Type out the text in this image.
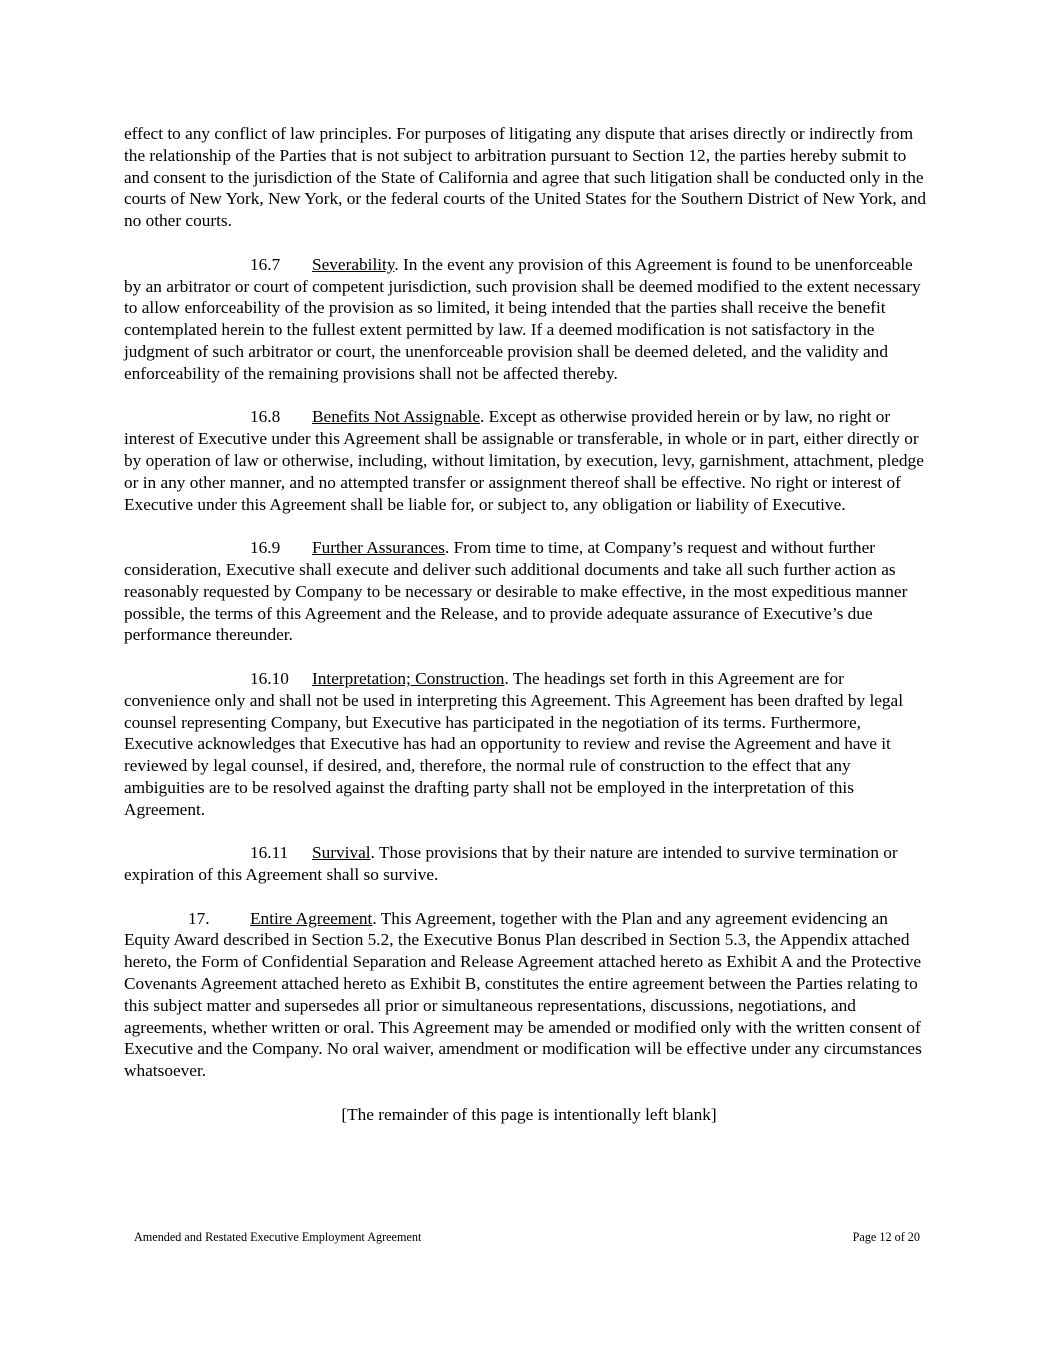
effect to any conflict of law principles. For purposes of litigating any dispute that arises directly or indirectly from the relationship of the Parties that is not subject to arbitration pursuant to Section 12, the parties hereby submit to and consent to the jurisdiction of the State of California and agree that such litigation shall be conducted only in the courts of New York, New York, or the federal courts of the United States for the Southern District of New York, and no other courts.

16.7 Severability. In the event any provision of this Agreement is found to be unenforceable by an arbitrator or court of competent jurisdiction, such provision shall be deemed modified to the extent necessary to allow enforceability of the provision as so limited, it being intended that the parties shall receive the benefit contemplated herein to the fullest extent permitted by law. If a deemed modification is not satisfactory in the judgment of such arbitrator or court, the unenforceable provision shall be deemed deleted, and the validity and enforceability of the remaining provisions shall not be affected thereby.

16.8 Benefits Not Assignable. Except as otherwise provided herein or by law, no right or interest of Executive under this Agreement shall be assignable or transferable, in whole or in part, either directly or by operation of law or otherwise, including, without limitation, by execution, levy, garnishment, attachment, pledge or in any other manner, and no attempted transfer or assignment thereof shall be effective. No right or interest of Executive under this Agreement shall be liable for, or subject to, any obligation or liability of Executive.

16.9 Further Assurances. From time to time, at Company’s request and without further consideration, Executive shall execute and deliver such additional documents and take all such further action as reasonably requested by Company to be necessary or desirable to make effective, in the most expeditious manner possible, the terms of this Agreement and the Release, and to provide adequate assurance of Executive’s due performance thereunder.

16.10 Interpretation; Construction. The headings set forth in this Agreement are for convenience only and shall not be used in interpreting this Agreement. This Agreement has been drafted by legal counsel representing Company, but Executive has participated in the negotiation of its terms. Furthermore, Executive acknowledges that Executive has had an opportunity to review and revise the Agreement and have it reviewed by legal counsel, if desired, and, therefore, the normal rule of construction to the effect that any ambiguities are to be resolved against the drafting party shall not be employed in the interpretation of this Agreement.

16.11 Survival. Those provisions that by their nature are intended to survive termination or expiration of this Agreement shall so survive.

17. Entire Agreement. This Agreement, together with the Plan and any agreement evidencing an Equity Award described in Section 5.2, the Executive Bonus Plan described in Section 5.3, the Appendix attached hereto, the Form of Confidential Separation and Release Agreement attached hereto as Exhibit A and the Protective Covenants Agreement attached hereto as Exhibit B, constitutes the entire agreement between the Parties relating to this subject matter and supersedes all prior or simultaneous representations, discussions, negotiations, and agreements, whether written or oral. This Agreement may be amended or modified only with the written consent of Executive and the Company. No oral waiver, amendment or modification will be effective under any circumstances whatsoever.

[The remainder of this page is intentionally left blank]

Amended and Restated Executive Employment Agreement	Page 12 of 20
